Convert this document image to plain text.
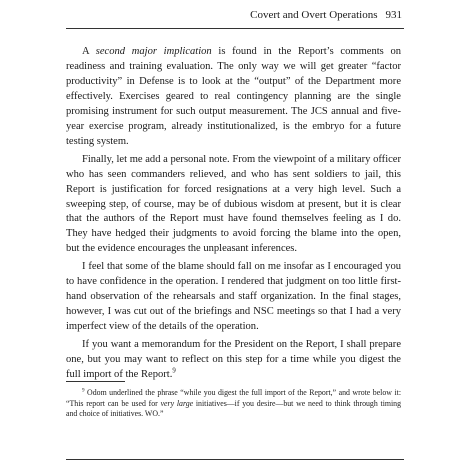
Covert and Overt Operations 931

A second major implication is found in the Report’s comments on readiness and training evaluation. The only way we will get greater “factor productivity” in Defense is to look at the “output” of the Department more effectively. Exercises geared to real contingency planning are the single promising instrument for such output measurement. The JCS annual and five-year exercise program, already institutionalized, is the embryo for a future testing system.

Finally, let me add a personal note. From the viewpoint of a military officer who has seen commanders relieved, and who has sent soldiers to jail, this Report is justification for forced resignations at a very high level. Such a sweeping step, of course, may be of dubious wisdom at present, but it is clear that the authors of the Report must have found themselves feeling as I do. They have hedged their judgments to avoid forcing the blame into the open, but the evidence encourages the unpleasant inferences.

I feel that some of the blame should fall on me insofar as I encouraged you to have confidence in the operation. I rendered that judgment on too little first-hand observation of the rehearsals and staff organization. In the final stages, however, I was cut out of the briefings and NSC meetings so that I had a very imperfect view of the details of the operation.

If you want a memorandum for the President on the Report, I shall prepare one, but you may want to reflect on this step for a time while you digest the full import of the Report.$^9$

$^9$ Odom underlined the phrase “while you digest the full import of the Report,” and wrote below it: “This report can be used for very large initiatives—if you desire—but we need to think through timing and choice of initiatives. WO.”
